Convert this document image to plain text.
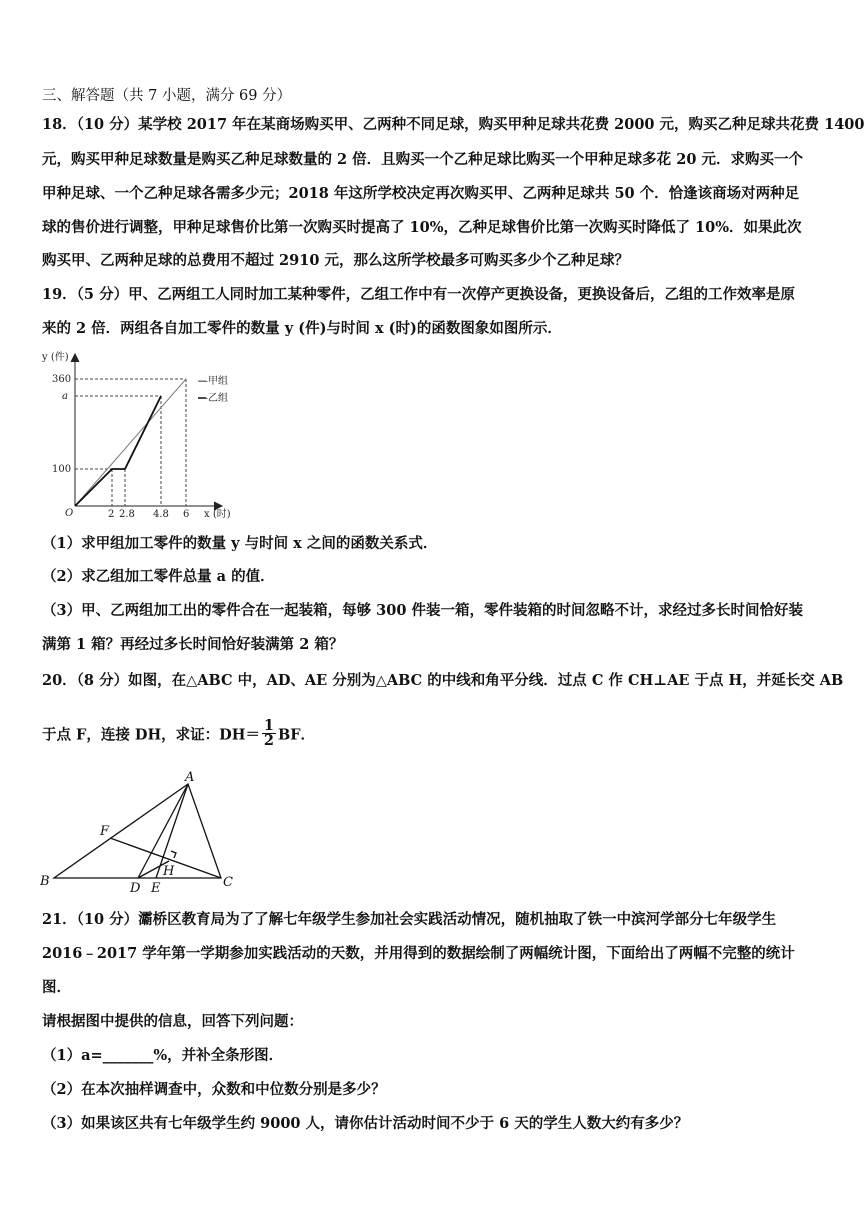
三、解答题（共 7 小题，满分 69 分）
18．（10 分）某学校 2017 年在某商场购买甲、乙两种不同足球，购买甲种足球共花费 2000 元，购买乙种足球共花费 1400
元，购买甲种足球数量是购买乙种足球数量的 2 倍．且购买一个乙种足球比购买一个甲种足球多花 20 元．求购买一个
甲种足球、一个乙种足球各需多少元；2018 年这所学校决定再次购买甲、乙两种足球共 50 个．恰逢该商场对两种足
球的售价进行调整，甲种足球售价比第一次购买时提高了 10%，乙种足球售价比第一次购买时降低了 10%．如果此次
购买甲、乙两种足球的总费用不超过 2910 元，那么这所学校最多可购买多少个乙种足球？
19．（5 分）甲、乙两组工人同时加工某种零件，乙组工作中有一次停产更换设备，更换设备后，乙组的工作效率是原
来的 2 倍．两组各自加工零件的数量 y (件)与时间 x (时)的函数图象如图所示．
y (件)
360
a
100
O	2 2.8 4.8 6 x (时)
—甲组
—乙组
（1）求甲组加工零件的数量 y 与时间 x 之间的函数关系式．
（2）求乙组加工零件总量 a 的值．
（3）甲、乙两组加工出的零件合在一起装箱，每够 300 件装一箱，零件装箱的时间忽略不计，求经过多长时间恰好装
满第 1 箱？再经过多长时间恰好装满第 2 箱？
20．（8 分）如图，在△ABC 中，AD、AE 分别为△ABC 的中线和角平分线．过点 C 作 CH⊥AE 于点 H，并延长交 AB
于点 F，连接 DH，求证：$DH= \frac{1}{2}$ BF．
A
B	C
D E
F
H
21．（10 分）灞桥区教育局为了了解七年级学生参加社会实践活动情况，随机抽取了铁一中滨河学部分七年级学生
2016﹣2017 学年第一学期参加实践活动的天数，并用得到的数据绘制了两幅统计图，下面给出了两幅不完整的统计
图．
请根据图中提供的信息，回答下列问题：
（1）a=_______%，并补全条形图．
（2）在本次抽样调查中，众数和中位数分别是多少？
（3）如果该区共有七年级学生约 9000 人，请你估计活动时间不少于 6 天的学生人数大约有多少？
